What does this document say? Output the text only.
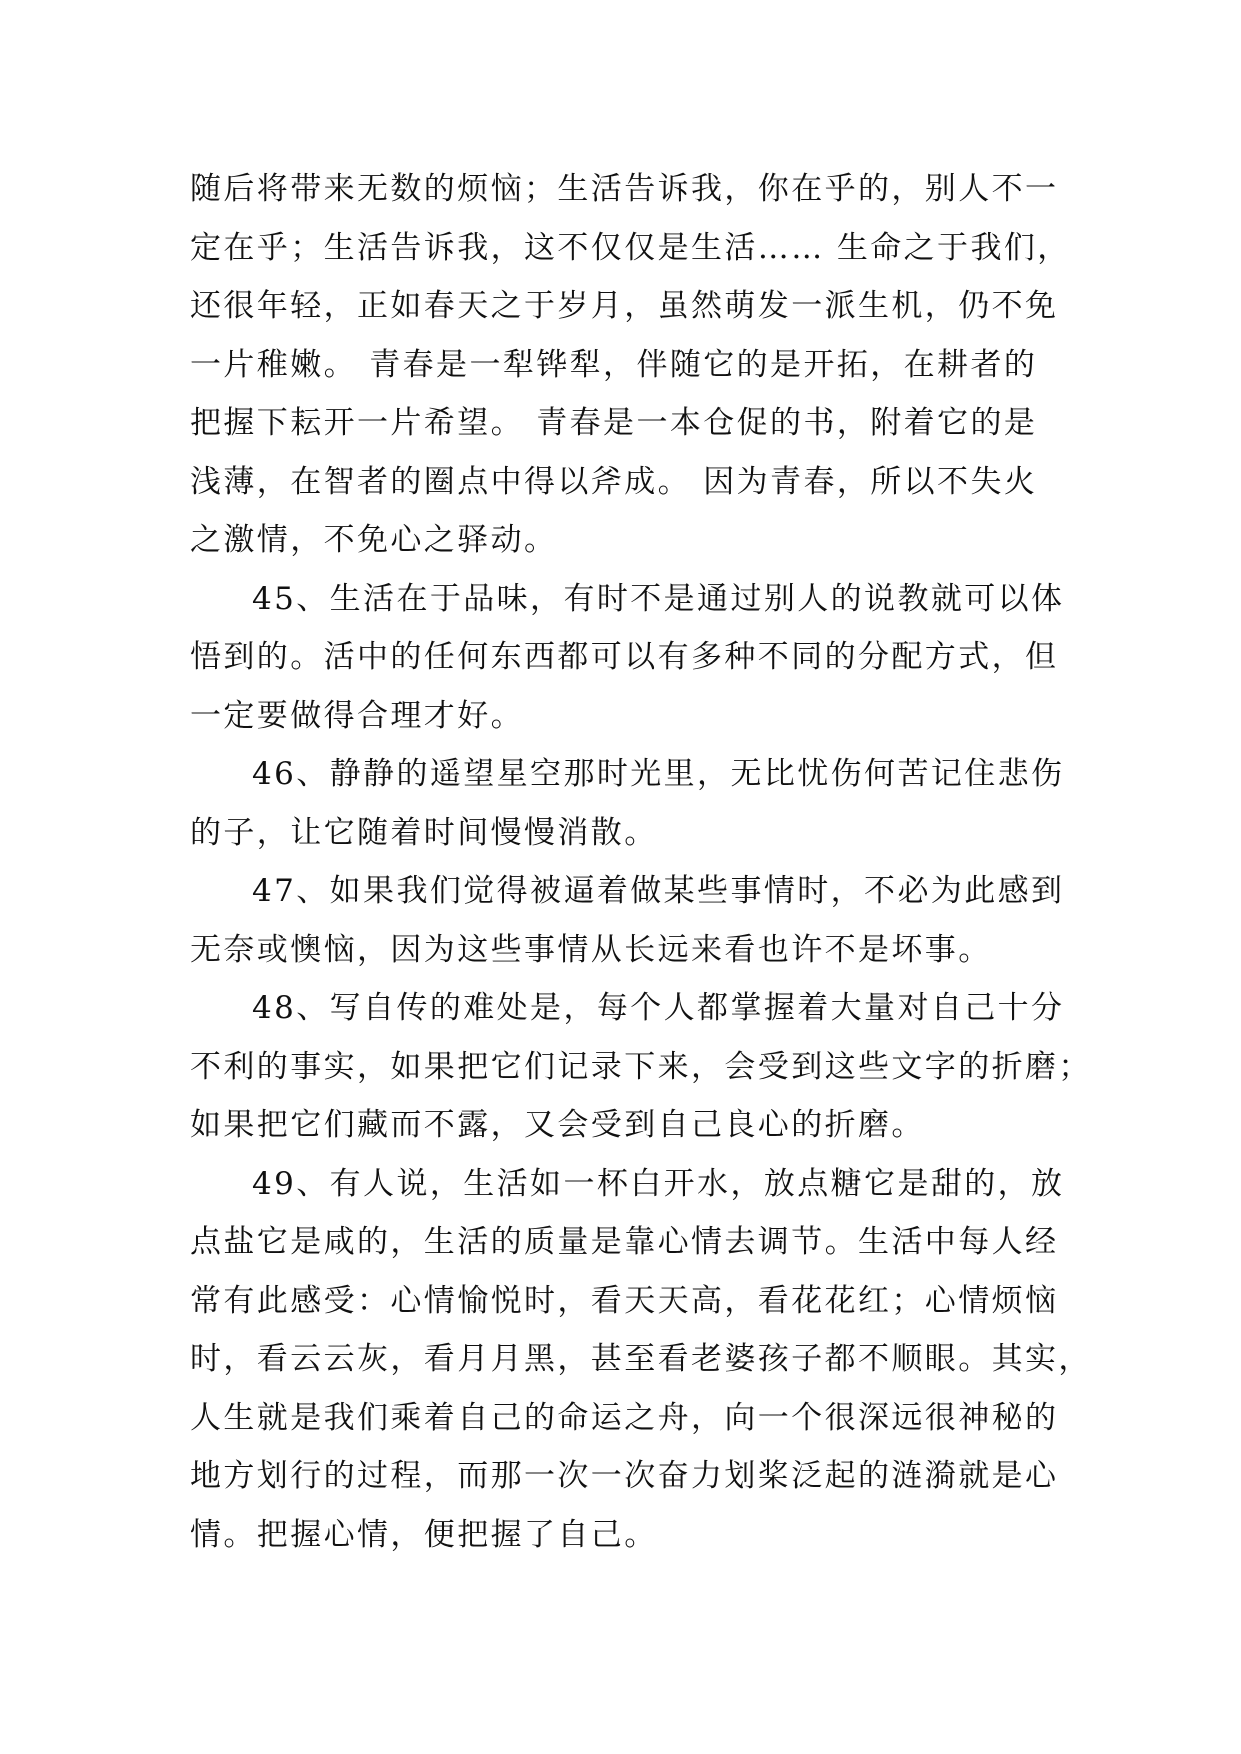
随后将带来无数的烦恼；生活告诉我，你在乎的，别人不一
定在乎；生活告诉我，这不仅仅是生活…… 生命之于我们，
还很年轻，正如春天之于岁月，虽然萌发一派生机，仍不免
一片稚嫩。 青春是一犁铧犁，伴随它的是开拓，在耕者的
把握下耘开一片希望。 青春是一本仓促的书，附着它的是
浅薄，在智者的圈点中得以斧成。 因为青春，所以不失火
之激情，不免心之驿动。
45、生活在于品味，有时不是通过别人的说教就可以体
悟到的。活中的任何东西都可以有多种不同的分配方式，但
一定要做得合理才好。
46、静静的遥望星空那时光里，无比忧伤何苦记住悲伤
的子，让它随着时间慢慢消散。
47、如果我们觉得被逼着做某些事情时，不必为此感到
无奈或懊恼，因为这些事情从长远来看也许不是坏事。
48、写自传的难处是，每个人都掌握着大量对自己十分
不利的事实，如果把它们记录下来，会受到这些文字的折磨；
如果把它们藏而不露，又会受到自己良心的折磨。
49、有人说，生活如一杯白开水，放点糖它是甜的，放
点盐它是咸的，生活的质量是靠心情去调节。生活中每人经
常有此感受：心情愉悦时，看天天高，看花花红；心情烦恼
时，看云云灰，看月月黑，甚至看老婆孩子都不顺眼。其实，
人生就是我们乘着自己的命运之舟，向一个很深远很神秘的
地方划行的过程，而那一次一次奋力划桨泛起的涟漪就是心
情。把握心情，便把握了自己。
